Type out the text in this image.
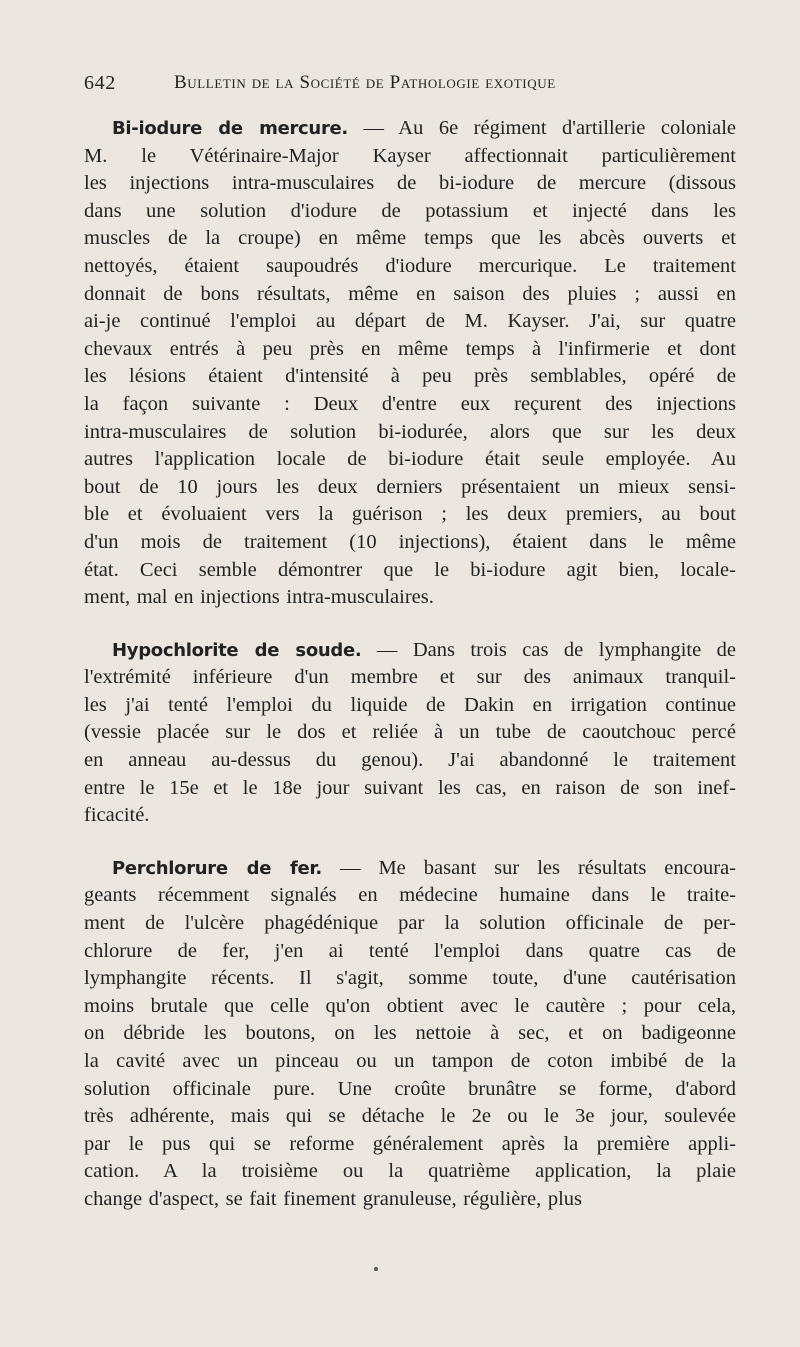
642	Bulletin de la Société de Pathologie exotique
Bi-iodure de mercure. — Au 6e régiment d'artillerie coloniale
M. le Vétérinaire-Major Kayser affectionnait particulièrement
les injections intra-musculaires de bi-iodure de mercure (dissous
dans une solution d'iodure de potassium et injecté dans les
muscles de la croupe) en même temps que les abcès ouverts et
nettoyés, étaient saupoudrés d'iodure mercurique. Le traitement
donnait de bons résultats, même en saison des pluies ; aussi en
ai-je continué l'emploi au départ de M. Kayser. J'ai, sur quatre
chevaux entrés à peu près en même temps à l'infirmerie et dont
les lésions étaient d'intensité à peu près semblables, opéré de
la façon suivante : Deux d'entre eux reçurent des injections
intra-musculaires de solution bi-iodurée, alors que sur les deux
autres l'application locale de bi-iodure était seule employée. Au
bout de 10 jours les deux derniers présentaient un mieux sensi-
ble et évoluaient vers la guérison ; les deux premiers, au bout
d'un mois de traitement (10 injections), étaient dans le même
état. Ceci semble démontrer que le bi-iodure agit bien, locale-
ment, mal en injections intra-musculaires.
Hypochlorite de soude. — Dans trois cas de lymphangite de
l'extrémité inférieure d'un membre et sur des animaux tranquil-
les j'ai tenté l'emploi du liquide de Dakin en irrigation continue
(vessie placée sur le dos et reliée à un tube de caoutchouc percé
en anneau au-dessus du genou). J'ai abandonné le traitement
entre le 15e et le 18e jour suivant les cas, en raison de son inef-
ficacité.
Perchlorure de fer. — Me basant sur les résultats encoura-
geants récemment signalés en médecine humaine dans le traite-
ment de l'ulcère phagédénique par la solution officinale de per-
chlorure de fer, j'en ai tenté l'emploi dans quatre cas de
lymphangite récents. Il s'agit, somme toute, d'une cautérisation
moins brutale que celle qu'on obtient avec le cautère ; pour cela,
on débride les boutons, on les nettoie à sec, et on badigeonne
la cavité avec un pinceau ou un tampon de coton imbibé de la
solution officinale pure. Une croûte brunâtre se forme, d'abord
très adhérente, mais qui se détache le 2e ou le 3e jour, soulevée
par le pus qui se reforme généralement après la première appli-
cation. A la troisième ou la quatrième application, la plaie
change d'aspect, se fait finement granuleuse, régulière, plus
